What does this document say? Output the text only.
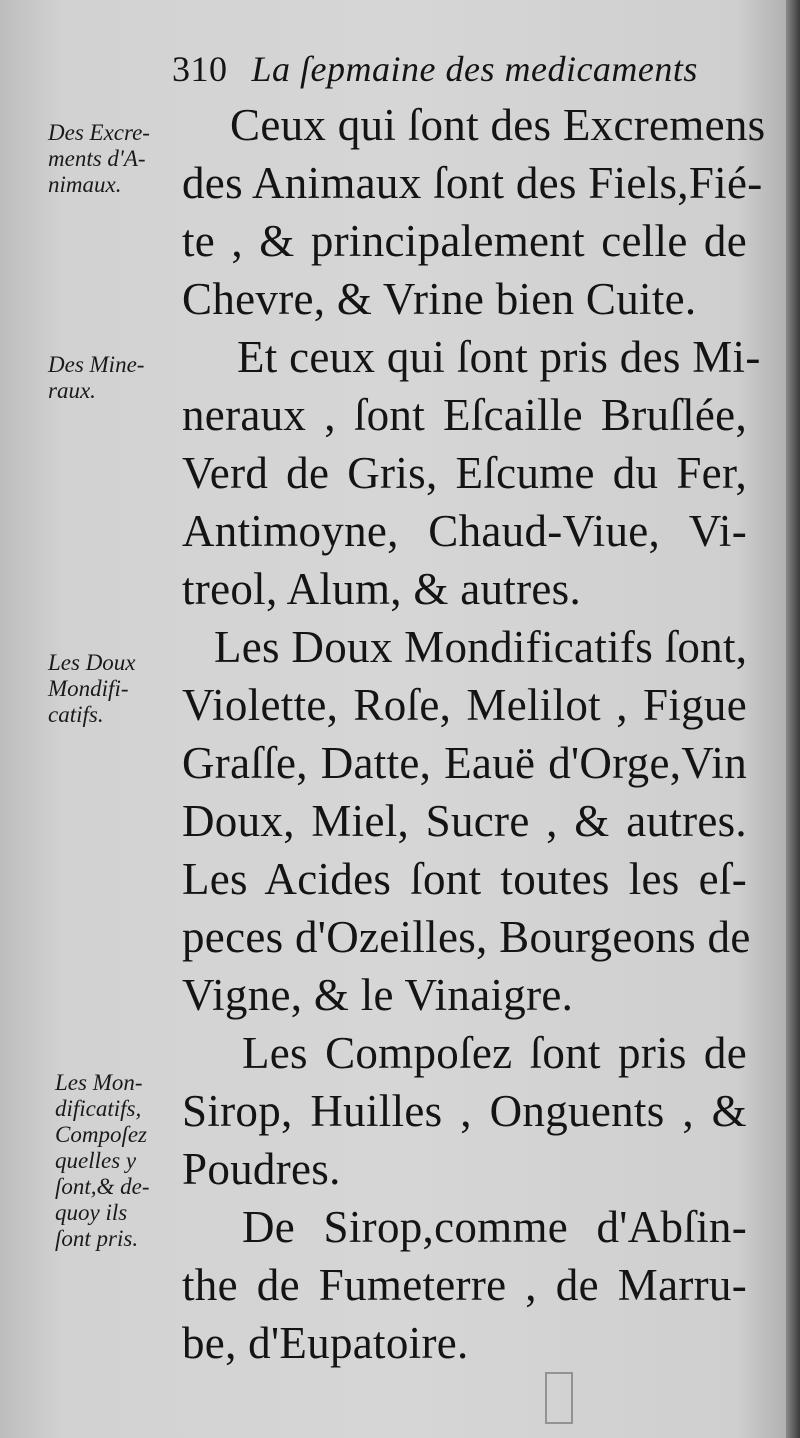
310 La ſepmaine des medicaments
Ceux qui ſont des Excremens
des Animaux ſont des Fiels,Fié-
te , & principalement celle de
Chevre, & Vrine bien Cuite.
Et ceux qui ſont pris des Mi-
neraux , ſont Eſcaille Bruſlée,
Verd de Gris, Eſcume du Fer,
Antimoyne, Chaud-Viue, Vi-
treol, Alum, & autres.
Les Doux Mondificatifs ſont,
Violette, Roſe, Melilot , Figue
Graſſe, Datte, Eauë d'Orge,Vin
Doux, Miel, Sucre , & autres.
Les Acides ſont toutes les eſ-
peces d'Ozeilles, Bourgeons de
Vigne, & le Vinaigre.
Les Compoſez ſont pris de
Sirop, Huilles , Onguents , &
Poudres.
De Sirop,comme d'Abſin-
the de Fumeterre , de Marru-
be, d'Eupatoire.
Des Excre-
ments d'A-
nimaux.
Des Mine-
raux.
Les Doux
Mondifi-
catifs.
Les Mon-
dificatifs,
Compoſez
quelles y
ſont,& de-
quoy ils
ſont pris.
